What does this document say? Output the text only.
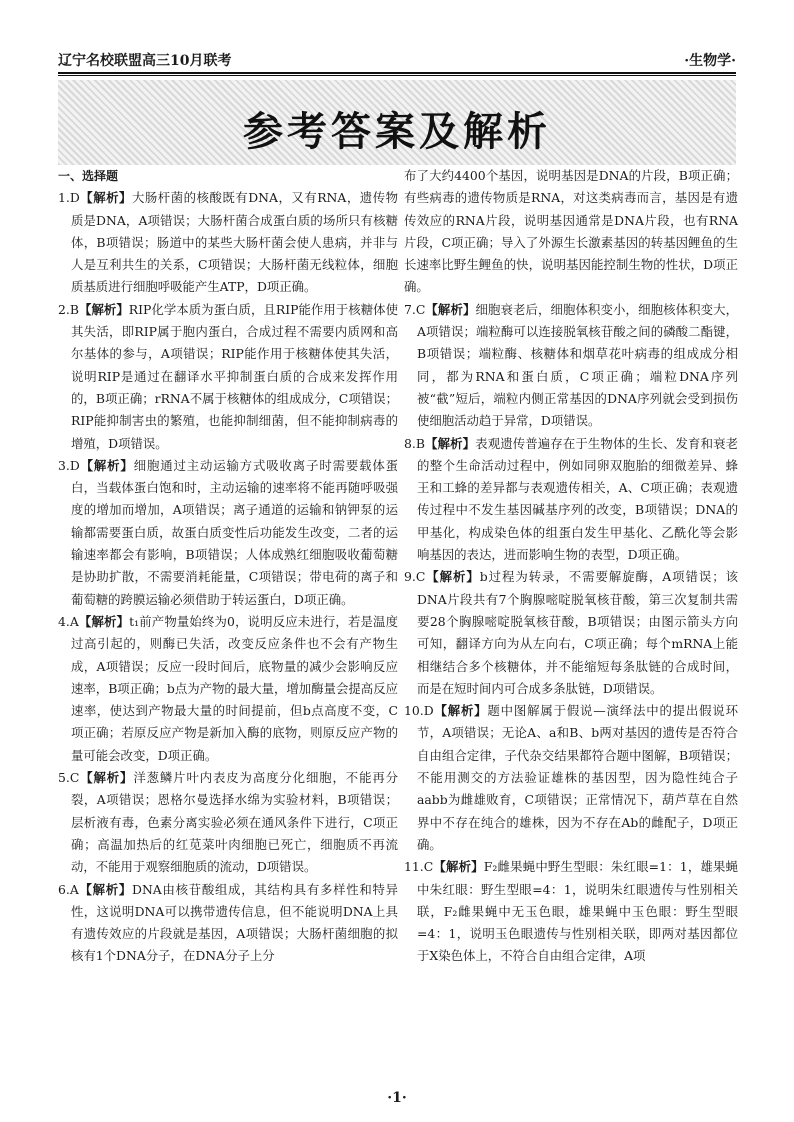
辽宁名校联盟高三10月联考	·生物学·
参考答案及解析
一、选择题
1.D【解析】大肠杆菌的核酸既有DNA，又有RNA，遗传物质是DNA，A项错误；大肠杆菌合成蛋白质的场所只有核糖体，B项错误；肠道中的某些大肠杆菌会使人患病，并非与人是互利共生的关系，C项错误；大肠杆菌无线粒体，细胞质基质进行细胞呼吸能产生ATP，D项正确。
2.B【解析】RIP化学本质为蛋白质，且RIP能作用于核糖体使其失活，即RIP属于胞内蛋白，合成过程不需要内质网和高尔基体的参与，A项错误；RIP能作用于核糖体使其失活，说明RIP是通过在翻译水平抑制蛋白质的合成来发挥作用的，B项正确；rRNA不属于核糖体的组成成分，C项错误；RIP能抑制害虫的繁殖，也能抑制细菌，但不能抑制病毒的增殖，D项错误。
3.D【解析】细胞通过主动运输方式吸收离子时需要载体蛋白，当载体蛋白饱和时，主动运输的速率将不能再随呼吸强度的增加而增加，A项错误；离子通道的运输和钠钾泵的运输都需要蛋白质，故蛋白质变性后功能发生改变，二者的运输速率都会有影响，B项错误；人体成熟红细胞吸收葡萄糖是协助扩散，不需要消耗能量，C项错误；带电荷的离子和葡萄糖的跨膜运输必须借助于转运蛋白，D项正确。
4.A【解析】t₁前产物量始终为0，说明反应未进行，若是温度过高引起的，则酶已失活，改变反应条件也不会有产物生成，A项错误；反应一段时间后，底物量的减少会影响反应速率，B项正确；b点为产物的最大量，增加酶量会提高反应速率，使达到产物最大量的时间提前，但b点高度不变，C项正确；若原反应产物是新加入酶的底物，则原反应产物的量可能会改变，D项正确。
5.C【解析】洋葱鳞片叶内表皮为高度分化细胞，不能再分裂，A项错误；恩格尔曼选择水绵为实验材料，B项错误；层析液有毒，色素分离实验必须在通风条件下进行，C项正确；高温加热后的红苋菜叶肉细胞已死亡，细胞质不再流动，不能用于观察细胞质的流动，D项错误。
6.A【解析】DNA由核苷酸组成，其结构具有多样性和特异性，这说明DNA可以携带遗传信息，但不能说明DNA上具有遗传效应的片段就是基因，A项错误；大肠杆菌细胞的拟核有1个DNA分子，在DNA分子上分
布了大约4400个基因，说明基因是DNA的片段，B项正确；有些病毒的遗传物质是RNA，对这类病毒而言，基因是有遗传效应的RNA片段，说明基因通常是DNA片段，也有RNA片段，C项正确；导入了外源生长激素基因的转基因鲤鱼的生长速率比野生鲤鱼的快，说明基因能控制生物的性状，D项正确。
7.C【解析】细胞衰老后，细胞体积变小，细胞核体积变大，A项错误；端粒酶可以连接脱氧核苷酸之间的磷酸二酯键，B项错误；端粒酶、核糖体和烟草花叶病毒的组成成分相同，都为RNA和蛋白质，C项正确；端粒DNA序列被“截”短后，端粒内侧正常基因的DNA序列就会受到损伤使细胞活动趋于异常，D项错误。
8.B【解析】表观遗传普遍存在于生物体的生长、发育和衰老的整个生命活动过程中，例如同卵双胞胎的细微差异、蜂王和工蜂的差异都与表观遗传相关，A、C项正确；表观遗传过程中不发生基因碱基序列的改变，B项错误；DNA的甲基化，构成染色体的组蛋白发生甲基化、乙酰化等会影响基因的表达，进而影响生物的表型，D项正确。
9.C【解析】b过程为转录，不需要解旋酶，A项错误；该DNA片段共有7个胸腺嘧啶脱氧核苷酸，第三次复制共需要28个胸腺嘧啶脱氧核苷酸，B项错误；由图示箭头方向可知，翻译方向为从左向右，C项正确；每个mRNA上能相继结合多个核糖体，并不能缩短每条肽链的合成时间，而是在短时间内可合成多条肽链，D项错误。
10.D【解析】题中图解属于假说—演绎法中的提出假说环节，A项错误；无论A、a和B、b两对基因的遗传是否符合自由组合定律，子代杂交结果都符合题中图解，B项错误；不能用测交的方法验证雄株的基因型，因为隐性纯合子aabb为雌雄败育，C项错误；正常情况下，葫芦草在自然界中不存在纯合的雄株，因为不存在Ab的雌配子，D项正确。
11.C【解析】F₂雌果蝇中野生型眼：朱红眼=1：1，雄果蝇中朱红眼：野生型眼=4：1，说明朱红眼遗传与性别相关联，F₂雌果蝇中无玉色眼，雄果蝇中玉色眼：野生型眼=4：1，说明玉色眼遗传与性别相关联，即两对基因都位于X染色体上，不符合自由组合定律，A项
·1·
